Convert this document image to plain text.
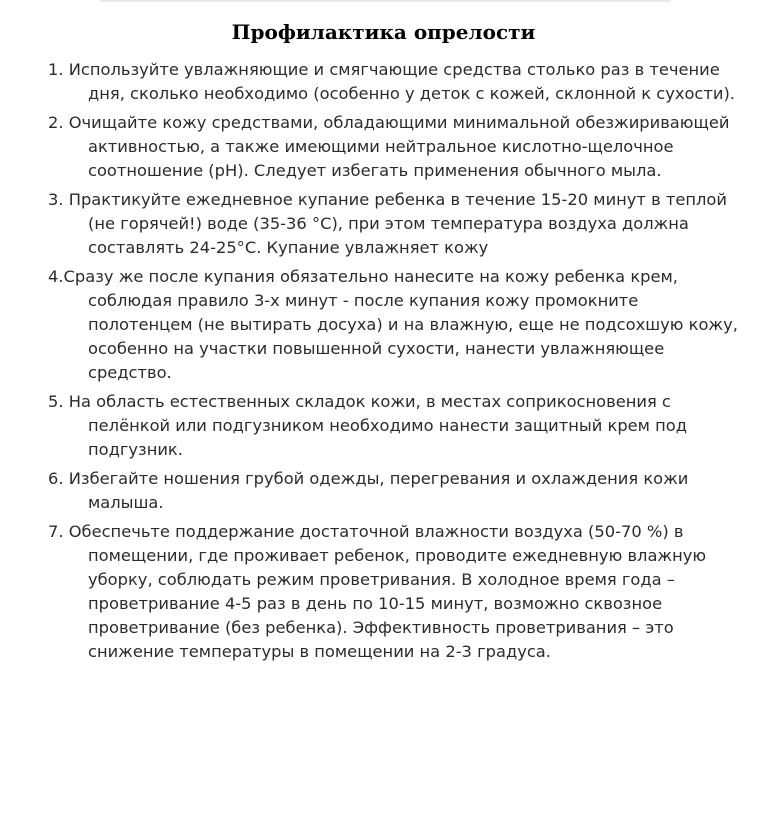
Профилактика опрелости
1. Используйте увлажняющие и смягчающие средства столько раз в течение дня, сколько необходимо (особенно у деток с кожей, склонной к сухости).
2. Очищайте кожу средствами, обладающими минимальной обезжиривающей активностью, а также имеющими нейтральное кислотно-щелочное соотношение (pH). Следует избегать применения обычного мыла.
3. Практикуйте ежедневное купание ребенка в течение 15-20 минут в теплой (не горячей!) воде (35-36 °С), при этом температура воздуха должна составлять 24-25°С. Купание увлажняет кожу
4.Сразу же после купания обязательно нанесите на кожу ребенка крем, соблюдая правило 3-х минут - после купания кожу промокните полотенцем (не вытирать досуха) и на влажную, еще не подсохшую кожу, особенно на участки повышенной сухости, нанести увлажняющее средство.
5. На область естественных складок кожи, в местах соприкосновения с пелёнкой или подгузником необходимо нанести защитный крем под подгузник.
6. Избегайте ношения грубой одежды, перегревания и охлаждения кожи малыша.
7. Обеспечьте поддержание достаточной влажности воздуха (50-70 %) в помещении, где проживает ребенок, проводите ежедневную влажную уборку, соблюдать режим проветривания. В холодное время года – проветривание 4-5 раз в день по 10-15 минут, возможно сквозное проветривание (без ребенка). Эффективность проветривания – это снижение температуры в помещении на 2-3 градуса.
